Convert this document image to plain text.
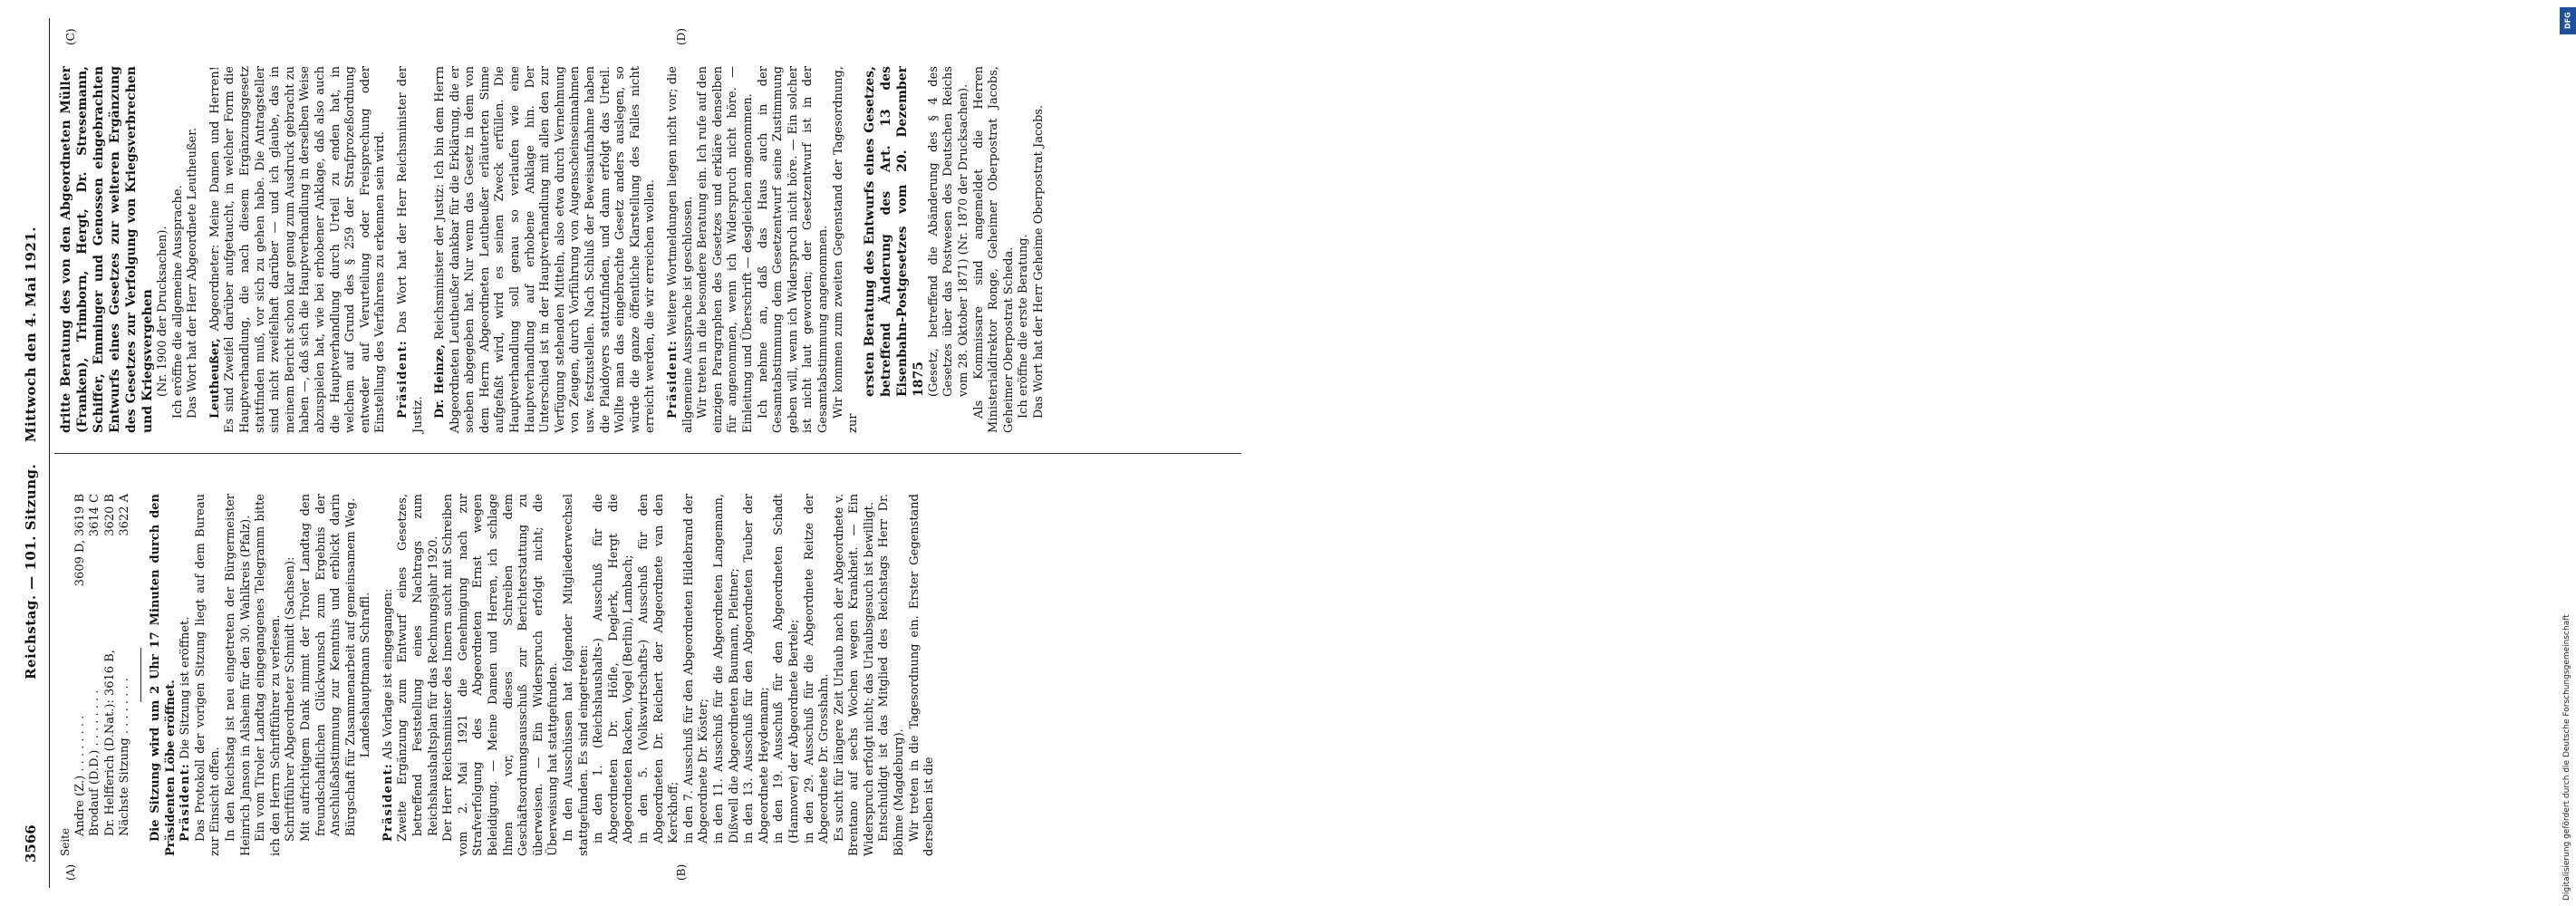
3566
Reichstag. — 101. Sitzung.
Mittwoch den 4. Mai 1921.
(A)	(B)
(C)	(D)

Seite

Andre (Z.) . . . . . . . .
3609 D, 3619 B
Brodauf (D.D.) . . . . . . . .
3614 C
Dr. Helfferich (D.Nat.): 3616 B,
3620 B
Nächste Sitzung . . . . . . . .
3622 A Die Sitzung wird um 2 Uhr 17 Minuten durch den Präsidenten Löbe eröffnet. Präsident: Die Sitzung ist eröffnet. Das Protokoll der vorigen Sitzung liegt auf dem Bureau zur Einsicht offen. In den Reichstag ist neu eingetreten der Bürgermeister Heinrich Janson in Alsheim für den 30. Wahlkreis (Pfalz). Ein vom Tiroler Landtag eingegangenes Telegramm bitte ich den Herrn Schriftführer zu verlesen. Schriftführer Abgeordneter Schmidt (Sachsen): Mit aufrichtigem Dank nimmt der Tiroler Landtag den freundschaftlichen Glückwunsch zum Ergebnis der Anschlußabstimmung zur Kenntnis und erblickt darin Bürgschaft für Zusammenarbeit auf gemeinsamem Weg. Landeshauptmann Schraffl.

Präsident: Als Vorlage ist eingegangen: Zweite Ergänzung zum Entwurf eines Gesetzes, betreffend Feststellung eines Nachtrags zum Reichshaushaltsplan für das Rechnungsjahr 1920. Der Herr Reichsminister des Innern sucht mit Schreiben vom 2. Mai 1921 die Genehmigung nach zur Strafverfolgung des Abgeordneten Ernst wegen Beleidigung. — Meine Damen und Herren, ich schlage Ihnen vor, dieses Schreiben dem Geschäftsordnungsausschuß zur Berichterstattung zu überweisen. — Ein Widerspruch erfolgt nicht; die Überweisung hat stattgefunden. In den Ausschüssen hat folgender Mitgliederwechsel stattgefunden. Es sind eingetreten: in den 1. (Reichshaushalts-) Ausschuß für die Abgeordneten Dr. Höfle, Deglerk, Hergt die Abgeordneten Racken, Vogel (Berlin), Lambach; in den 5. (Volkswirtschafts-) Ausschuß für den Abgeordneten Dr. Reichert der Abgeordnete van den Kerckhoff; in den 7. Ausschuß für den Abgeordneten Hildebrand der Abgeordnete Dr. Köster; in den 11. Ausschuß für die Abgeordneten Langemann, Dißwell die Abgeordneten Baumann, Pleitner; in den 13. Ausschuß für den Abgeordneten Teuber der Abgeordnete Heydemann; in den 19. Ausschuß für den Abgeordneten Schadt (Hannover) der Abgeordnete Bertele; in den 29. Ausschuß für die Abgeordnete Reitze der Abgeordnete Dr. Grosshahn. Es sucht für längere Zeit Urlaub nach der Abgeordnete v. Brentano auf sechs Wochen wegen Krankheit. — Ein Widerspruch erfolgt nicht; das Urlaubsgesuch ist bewilligt. Entschuldigt ist das Mitglied des Reichstags Herr Dr. Böhme (Magdeburg). Wir treten in die Tagesordnung ein. Erster Gegenstand derselben ist die

dritte Beratung des von den Abgeordneten Müller (Franken), Trimborn, Hergt, Dr. Stresemann, Schiffer, Emminger und Genossen eingebrachten Entwurfs eines Gesetzes zur weiteren Ergänzung des Gesetzes zur Verfolgung von Kriegsverbrechen und Kriegsvergehen (Nr. 1900 der Drucksachen). Ich eröffne die allgemeine Aussprache. Das Wort hat der Herr Abgeordnete Leutheußer. Leutheußer, Abgeordneter: Meine Damen und Herren! Es sind Zweifel darüber aufgetaucht, in welcher Form die Hauptverhandlung, die nach diesem Ergänzungsgesetz stattfinden muß, vor sich zu gehen habe. Die Antragsteller sind nicht zweifelhaft darüber — und ich glaube, das in meinem Bericht schon klar genug zum Ausdruck gebracht zu haben —, daß sich die Hauptverhandlung in derselben Weise abzuspielen hat, wie bei erhobener Anklage, daß also auch die Hauptverhandlung durch Urteil zu enden hat, in welchem auf Grund des § 259 der Strafprozeßordnung entweder auf Verurteilung oder Freisprechung oder Einstellung des Verfahrens zu erkennen sein wird. Präsident: Das Wort hat der Herr Reichsminister der Justiz. Dr. Heinze, Reichsminister der Justiz: Ich bin dem Herrn Abgeordneten Leutheußer dankbar für die Erklärung, die er soeben abgegeben hat. Nur wenn das Gesetz in dem von dem Herrn Abgeordneten Leutheußer erläuterten Sinne aufgefaßt wird, wird es seinen Zweck erfüllen. Die Hauptverhandlung soll genau so verlaufen wie eine Hauptverhandlung auf erhobene Anklage hin. Der Unterschied ist in der Hauptverhandlung mit allen den zur Verfügung stehenden Mitteln, also etwa durch Vernehmung von Zeugen, durch Vorführung von Augenscheinseinnahmen usw. festzustellen. Nach Schluß der Beweisaufnahme haben die Plaidoyers stattzufinden, und dann erfolgt das Urteil. Wollte man das eingebrachte Gesetz anders auslegen, so würde die ganze öffentliche Klarstellung des Falles nicht erreicht werden, die wir erreichen wollen. Präsident: Weitere Wortmeldungen liegen nicht vor; die allgemeine Aussprache ist geschlossen. Wir treten in die besondere Beratung ein. Ich rufe auf den einzigen Paragraphen des Gesetzes und erkläre denselben für angenommen, wenn ich Widerspruch nicht höre. — Einleitung und Überschrift — desgleichen angenommen. Ich nehme an, daß das Haus auch in der Gesamtabstimmung dem Gesetzentwurf seine Zustimmung geben will, wenn ich Widerspruch nicht höre. — Ein solcher ist nicht laut geworden; der Gesetzentwurf ist in der Gesamtabstimmung angenommen. Wir kommen zum zweiten Gegenstand der Tagesordnung, zur

ersten Beratung des Entwurfs eines Gesetzes, betreffend Änderung des Art. 13 des Eisenbahn-Postgesetzes vom 20. Dezember 1875 (Gesetz, betreffend die Abänderung des § 4 des Gesetzes über das Postwesen des Deutschen Reichs vom 28. Oktober 1871) (Nr. 1870 der Drucksachen). Als Kommissare sind angemeldet die Herren Ministerialdirektor Ronge, Geheimer Oberpostrat Jacobs, Geheimer Oberpostrat Scheda. Ich eröffne die erste Beratung. Das Wort hat der Herr Geheime Oberpostrat Jacobs.

DFG
Digitalisierung gefördert durch die Deutsche Forschungsgemeinschaft
